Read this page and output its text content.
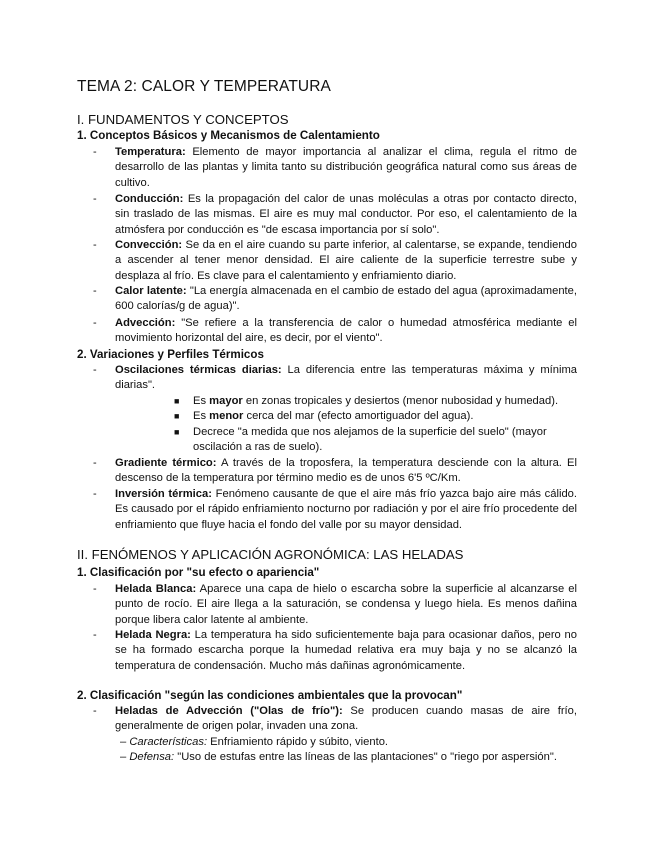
TEMA 2: CALOR Y TEMPERATURA
I. FUNDAMENTOS Y CONCEPTOS
1. Conceptos Básicos y Mecanismos de Calentamiento
- Temperatura: Elemento de mayor importancia al analizar el clima, regula el ritmo de desarrollo de las plantas y limita tanto su distribución geográfica natural como sus áreas de cultivo.
- Conducción: Es la propagación del calor de unas moléculas a otras por contacto directo, sin traslado de las mismas. El aire es muy mal conductor. Por eso, el calentamiento de la atmósfera por conducción es "de escasa importancia por sí solo".
- Convección: Se da en el aire cuando su parte inferior, al calentarse, se expande, tendiendo a ascender al tener menor densidad. El aire caliente de la superficie terrestre sube y desplaza al frío. Es clave para el calentamiento y enfriamiento diario.
- Calor latente: "La energía almacenada en el cambio de estado del agua (aproximadamente, 600 calorías/g de agua)".
- Advección: "Se refiere a la transferencia de calor o humedad atmosférica mediante el movimiento horizontal del aire, es decir, por el viento".
2. Variaciones y Perfiles Térmicos
- Oscilaciones térmicas diarias: La diferencia entre las temperaturas máxima y mínima diarias".
■ Es mayor en zonas tropicales y desiertos (menor nubosidad y humedad).
■ Es menor cerca del mar (efecto amortiguador del agua).
■ Decrece "a medida que nos alejamos de la superficie del suelo" (mayor oscilación a ras de suelo).
- Gradiente térmico: A través de la troposfera, la temperatura desciende con la altura. El descenso de la temperatura por término medio es de unos 6'5 ºC/Km.
- Inversión térmica: Fenómeno causante de que el aire más frío yazca bajo aire más cálido. Es causado por el rápido enfriamiento nocturno por radiación y por el aire frío procedente del enfriamiento que fluye hacia el fondo del valle por su mayor densidad.
II. FENÓMENOS Y APLICACIÓN AGRONÓMICA: LAS HELADAS
1. Clasificación por "su efecto o apariencia"
- Helada Blanca: Aparece una capa de hielo o escarcha sobre la superficie al alcanzarse el punto de rocío. El aire llega a la saturación, se condensa y luego hiela. Es menos dañina porque libera calor latente al ambiente.
- Helada Negra: La temperatura ha sido suficientemente baja para ocasionar daños, pero no se ha formado escarcha porque la humedad relativa era muy baja y no se alcanzó la temperatura de condensación. Mucho más dañinas agronómicamente.
2. Clasificación "según las condiciones ambientales que la provocan"
- Heladas de Advección ("Olas de frío"): Se producen cuando masas de aire frío, generalmente de origen polar, invaden una zona.
– Características: Enfriamiento rápido y súbito, viento.
– Defensa: "Uso de estufas entre las líneas de las plantaciones" o "riego por aspersión".
